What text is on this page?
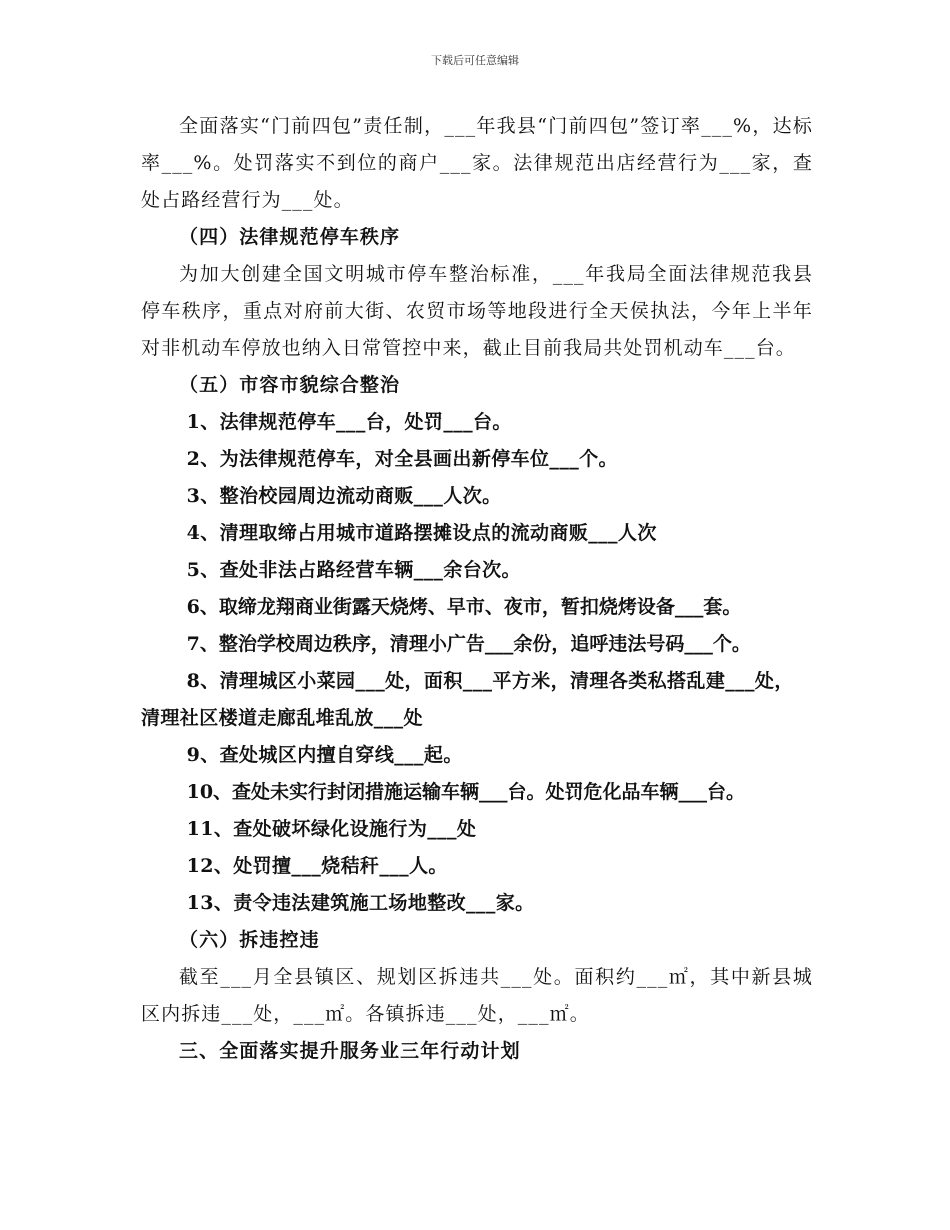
下载后可任意编辑

全面落实“门前四包”责任制，___年我县“门前四包”签订率___%，达标率___%。处罚落实不到位的商户___家。法律规范出店经营行为___家，查处占路经营行为___处。

（四）法律规范停车秩序

为加大创建全国文明城市停车整治标准，___年我局全面法律规范我县停车秩序，重点对府前大街、农贸市场等地段进行全天侯执法，今年上半年对非机动车停放也纳入日常管控中来，截止目前我局共处罚机动车___台。

（五）市容市貌综合整治

1、法律规范停车___台，处罚___台。

2、为法律规范停车，对全县画出新停车位___个。

3、整治校园周边流动商贩___人次。

4、清理取缔占用城市道路摆摊设点的流动商贩___人次

5、查处非法占路经营车辆___余台次。

6、取缔龙翔商业街露天烧烤、早市、夜市，暂扣烧烤设备___套。

7、整治学校周边秩序，清理小广告___余份，追呼违法号码___个。

8、清理城区小菜园___处，面积___平方米，清理各类私搭乱建___处，清理社区楼道走廊乱堆乱放___处

9、查处城区内擅自穿线___起。

10、查处未实行封闭措施运输车辆___台。处罚危化品车辆___台。

11、查处破坏绿化设施行为___处

12、处罚擅___烧秸秆___人。

13、责令违法建筑施工场地整改___家。

（六）拆违控违

截至___月全县镇区、规划区拆违共___处。面积约___㎡，其中新县城区内拆违___处，___㎡。各镇拆违___处，___㎡。

三、全面落实提升服务业三年行动计划
